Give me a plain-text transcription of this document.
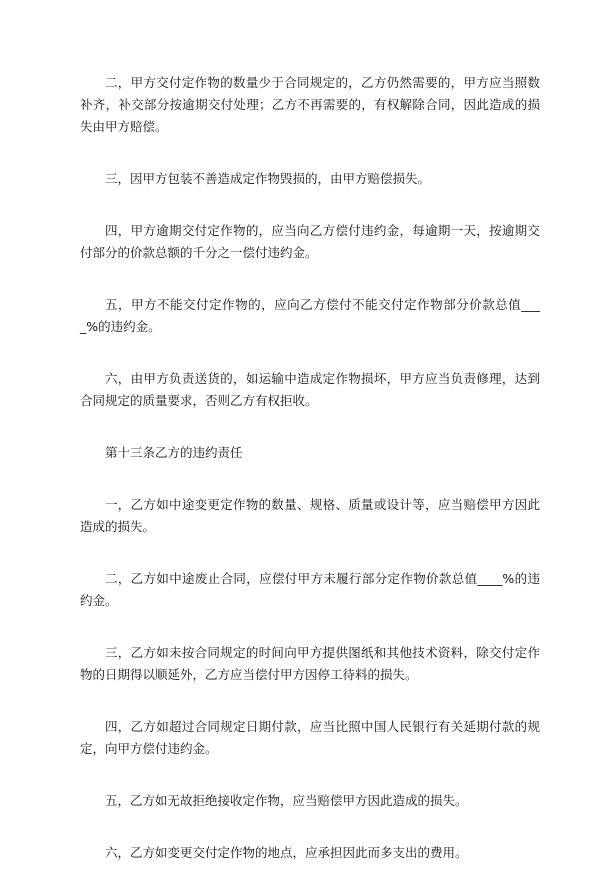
二，甲方交付定作物的数量少于合同规定的，乙方仍然需要的，甲方应当照数补齐，补交部分按逾期交付处理；乙方不再需要的，有权解除合同，因此造成的损失由甲方赔偿。

三，因甲方包装不善造成定作物毁损的，由甲方赔偿损失。

四，甲方逾期交付定作物的，应当向乙方偿付违约金，每逾期一天，按逾期交付部分的价款总额的千分之一偿付违约金。

五，甲方不能交付定作物的，应向乙方偿付不能交付定作物部分价款总值____%的违约金。

六，由甲方负责送货的，如运输中造成定作物损坏，甲方应当负责修理，达到合同规定的质量要求，否则乙方有权拒收。

第十三条乙方的违约责任

一，乙方如中途变更定作物的数量、规格、质量或设计等，应当赔偿甲方因此造成的损失。

二，乙方如中途废止合同，应偿付甲方未履行部分定作物价款总值____%的违约金。

三，乙方如未按合同规定的时间向甲方提供图纸和其他技术资料，除交付定作物的日期得以顺延外，乙方应当偿付甲方因停工待料的损失。

四，乙方如超过合同规定日期付款，应当比照中国人民银行有关延期付款的规定，向甲方偿付违约金。

五，乙方如无故拒绝接收定作物，应当赔偿甲方因此造成的损失。

六，乙方如变更交付定作物的地点，应承担因此而多支出的费用。
